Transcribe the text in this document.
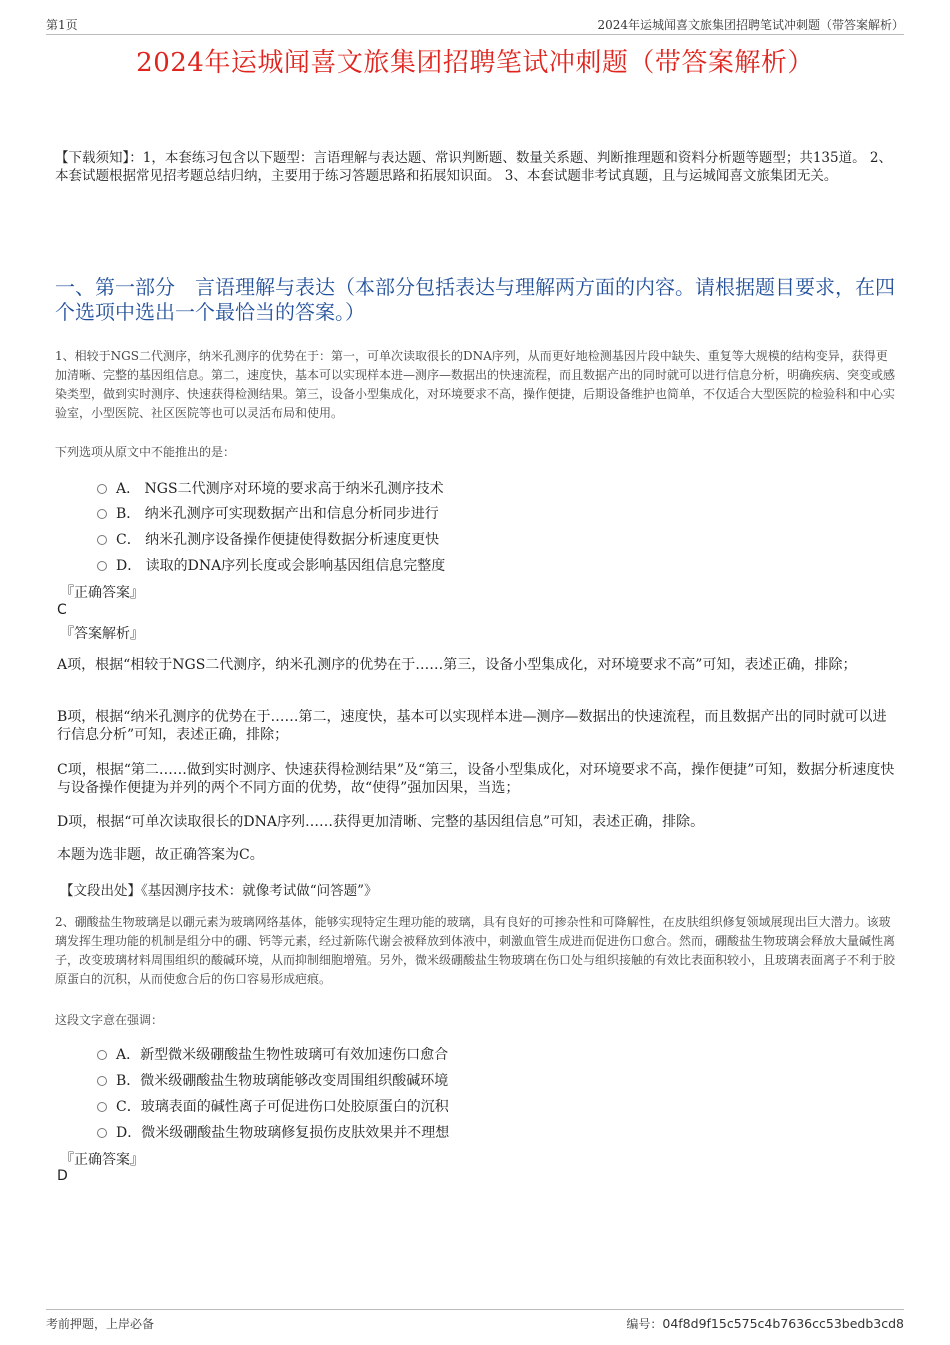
第1页	2024年运城闻喜文旅集团招聘笔试冲刺题（带答案解析）
2024年运城闻喜文旅集团招聘笔试冲刺题（带答案解析）
【下载须知】：1，本套练习包含以下题型：言语理解与表达题、常识判断题、数量关系题、判断推理题和资料分析题等题型；共135道。 2、本套试题根据常见招考题总结归纳，主要用于练习答题思路和拓展知识面。 3、本套试题非考试真题，且与运城闻喜文旅集团无关。
一、第一部分　言语理解与表达（本部分包括表达与理解两方面的内容。请根据题目要求，在四个选项中选出一个最恰当的答案。）
1、相较于NGS二代测序，纳米孔测序的优势在于：第一，可单次读取很长的DNA序列，从而更好地检测基因片段中缺失、重复等大规模的结构变异，获得更加清晰、完整的基因组信息。第二，速度快，基本可以实现样本进—测序—数据出的快速流程，而且数据产出的同时就可以进行信息分析，明确疾病、突变或感染类型，做到实时测序、快速获得检测结果。第三，设备小型集成化，对环境要求不高，操作便捷，后期设备维护也简单，不仅适合大型医院的检验科和中心实验室，小型医院、社区医院等也可以灵活布局和使用。
下列选项从原文中不能推出的是：
A． NGS二代测序对环境的要求高于纳米孔测序技术
B． 纳米孔测序可实现数据产出和信息分析同步进行
C． 纳米孔测序设备操作便捷使得数据分析速度更快
D． 读取的DNA序列长度或会影响基因组信息完整度
『正确答案』
C
『答案解析』
A项，根据“相较于NGS二代测序，纳米孔测序的优势在于……第三，设备小型集成化，对环境要求不高”可知，表述正确，排除；
B项，根据“纳米孔测序的优势在于……第二，速度快，基本可以实现样本进—测序—数据出的快速流程，而且数据产出的同时就可以进行信息分析”可知，表述正确，排除；
C项，根据“第二……做到实时测序、快速获得检测结果”及“第三，设备小型集成化，对环境要求不高，操作便捷”可知，数据分析速度快与设备操作便捷为并列的两个不同方面的优势，故“使得”强加因果，当选；
D项，根据“可单次读取很长的DNA序列……获得更加清晰、完整的基因组信息”可知，表述正确，排除。
本题为选非题，故正确答案为C。
【文段出处】《基因测序技术：就像考试做“问答题”》
2、硼酸盐生物玻璃是以硼元素为玻璃网络基体，能够实现特定生理功能的玻璃，具有良好的可掺杂性和可降解性，在皮肤组织修复领域展现出巨大潜力。该玻璃发挥生理功能的机制是组分中的硼、钙等元素，经过新陈代谢会被释放到体液中，刺激血管生成进而促进伤口愈合。然而，硼酸盐生物玻璃会释放大量碱性离子，改变玻璃材料周围组织的酸碱环境，从而抑制细胞增殖。另外，微米级硼酸盐生物玻璃在伤口处与组织接触的有效比表面积较小，且玻璃表面离子不利于胶原蛋白的沉积，从而使愈合后的伤口容易形成疤痕。
这段文字意在强调：
A．新型微米级硼酸盐生物性玻璃可有效加速伤口愈合
B．微米级硼酸盐生物玻璃能够改变周围组织酸碱环境
C．玻璃表面的碱性离子可促进伤口处胶原蛋白的沉积
D．微米级硼酸盐生物玻璃修复损伤皮肤效果并不理想
『正确答案』
D
考前押题，上岸必备	编号：04f8d9f15c575c4b7636cc53bedb3cd8
